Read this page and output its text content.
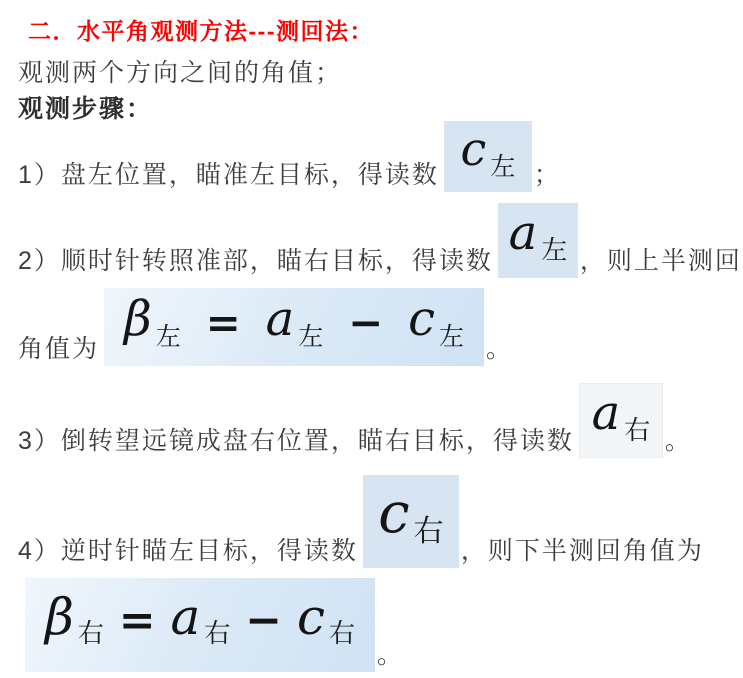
二．水平角观测方法---测回法：
观测两个方向之间的角值；
观测步骤：
1）盘左位置，瞄准左目标，得读数 c 左 ；
2）顺时针转照准部，瞄右目标，得读数 a 左 ，则上半测回
角值为
β 左 = a 左 − c 左 。
3）倒转望远镜成盘右位置，瞄右目标，得读数 a 右 。
4）逆时针瞄左目标，得读数
c 右
，则下半测回角值为
β 右 = a 右 − c 右
。
